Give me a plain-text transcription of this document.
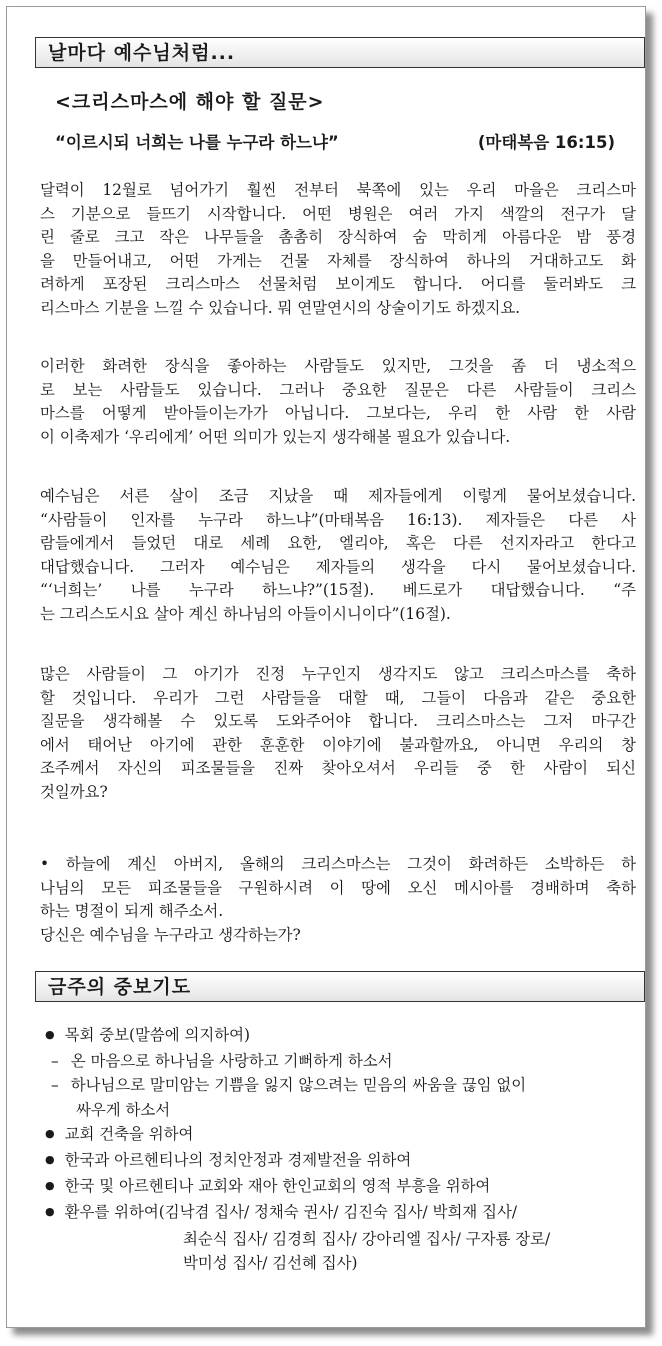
날마다 예수님처럼...
<크리스마스에 해야 할 질문>
“이르시되 너희는 나를 누구라 하느냐”	(마태복음 16:15)
달력이 12월로 넘어가기 훨씬 전부터 북쪽에 있는 우리 마을은 크리스마
스 기분으로 들뜨기 시작합니다. 어떤 병원은 여러 가지 색깔의 전구가 달
린 줄로 크고 작은 나무들을 촘촘히 장식하여 숨 막히게 아름다운 밤 풍경
을 만들어내고, 어떤 가게는 건물 자체를 장식하여 하나의 거대하고도 화
려하게 포장된 크리스마스 선물처럼 보이게도 합니다. 어디를 둘러봐도 크
리스마스 기분을 느낄 수 있습니다. 뭐 연말연시의 상술이기도 하겠지요.
이러한 화려한 장식을 좋아하는 사람들도 있지만, 그것을 좀 더 냉소적으
로 보는 사람들도 있습니다. 그러나 중요한 질문은 다른 사람들이 크리스
마스를 어떻게 받아들이는가가 아닙니다. 그보다는, 우리 한 사람 한 사람
이 이축제가 ‘우리에게’ 어떤 의미가 있는지 생각해볼 필요가 있습니다.
예수님은 서른 살이 조금 지났을 때 제자들에게 이렇게 물어보셨습니다.
“사람들이 인자를 누구라 하느냐”(마태복음 16:13). 제자들은 다른 사
람들에게서 들었던 대로 세례 요한, 엘리야, 혹은 다른 선지자라고 한다고
대답했습니다. 그러자 예수님은 제자들의 생각을 다시 물어보셨습니다.
“‘너희는’ 나를 누구라 하느냐?”(15절). 베드로가 대답했습니다. “주
는 그리스도시요 살아 계신 하나님의 아들이시니이다”(16절).
많은 사람들이 그 아기가 진정 누구인지 생각지도 않고 크리스마스를 축하
할 것입니다. 우리가 그런 사람들을 대할 때, 그들이 다음과 같은 중요한
질문을 생각해볼 수 있도록 도와주어야 합니다. 크리스마스는 그저 마구간
에서 태어난 아기에 관한 훈훈한 이야기에 불과할까요, 아니면 우리의 창
조주께서 자신의 피조물들을 진짜 찾아오셔서 우리들 중 한 사람이 되신
것일까요?
• 하늘에 계신 아버지, 올해의 크리스마스는 그것이 화려하든 소박하든 하
나님의 모든 피조물들을 구원하시려 이 땅에 오신 메시아를 경배하며 축하
하는 명절이 되게 해주소서.
당신은 예수님을 누구라고 생각하는가?
금주의 중보기도
● 목회 중보(말씀에 의지하여)
– 온 마음으로 하나님을 사랑하고 기뻐하게 하소서
– 하나님으로 말미암는 기쁨을 잃지 않으려는 믿음의 싸움을 끊임 없이
싸우게 하소서
● 교회 건축을 위하여
● 한국과 아르헨티나의 정치안정과 경제발전을 위하여
● 한국 및 아르헨티나 교회와 재아 한인교회의 영적 부흥을 위하여
● 환우를 위하여(김낙겸 집사/ 정채숙 권사/ 김진숙 집사/ 박희재 집사/
최순식 집사/ 김경희 집사/ 강아리엘 집사/ 구자룡 장로/
박미성 집사/ 김선혜 집사)
